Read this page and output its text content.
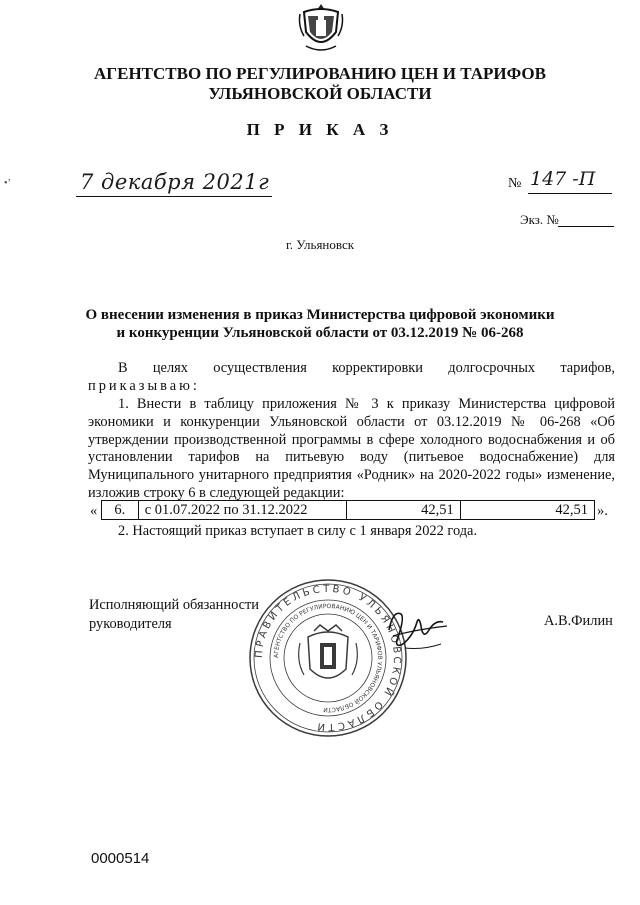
•’
АГЕНТСТВО ПО РЕГУЛИРОВАНИЮ ЦЕН И ТАРИФОВ
УЛЬЯНОВСКОЙ ОБЛАСТИ
П Р И К А З
7 декабря 2021г	№ 147 -П
Экз. №
г. Ульяновск
О внесении изменения в приказ Министерства цифровой экономики
и конкуренции Ульяновской области от 03.12.2019 № 06-268
В целях осуществления корректировки долгосрочных тарифов,
приказываю:
1. Внести в таблицу приложения № 3 к приказу Министерства цифровой экономики и конкуренции Ульяновской области от 03.12.2019 № 06-268 «Об утверждении производственной программы в сфере холодного водоснабжения и об установлении тарифов на питьевую воду (питьевое водоснабжение) для Муниципального унитарного предприятия «Родник» на 2020-2022 годы» изменение, изложив строку 6 в следующей редакции:
« 6.	с 01.07.2022 по 31.12.2022	42,51	42,51 ».
2. Настоящий приказ вступает в силу с 1 января 2022 года.
Исполняющий обязанности
руководителя	А.В.Филин
ПРАВИТЕЛЬСТВО УЛЬЯНОВСКОЙ ОБЛАСТИ
АГЕНТСТВО ПО РЕГУЛИРОВАНИЮ ЦЕН И ТАРИФОВ УЛЬЯНОВСКОЙ ОБЛАСТИ
0000514
